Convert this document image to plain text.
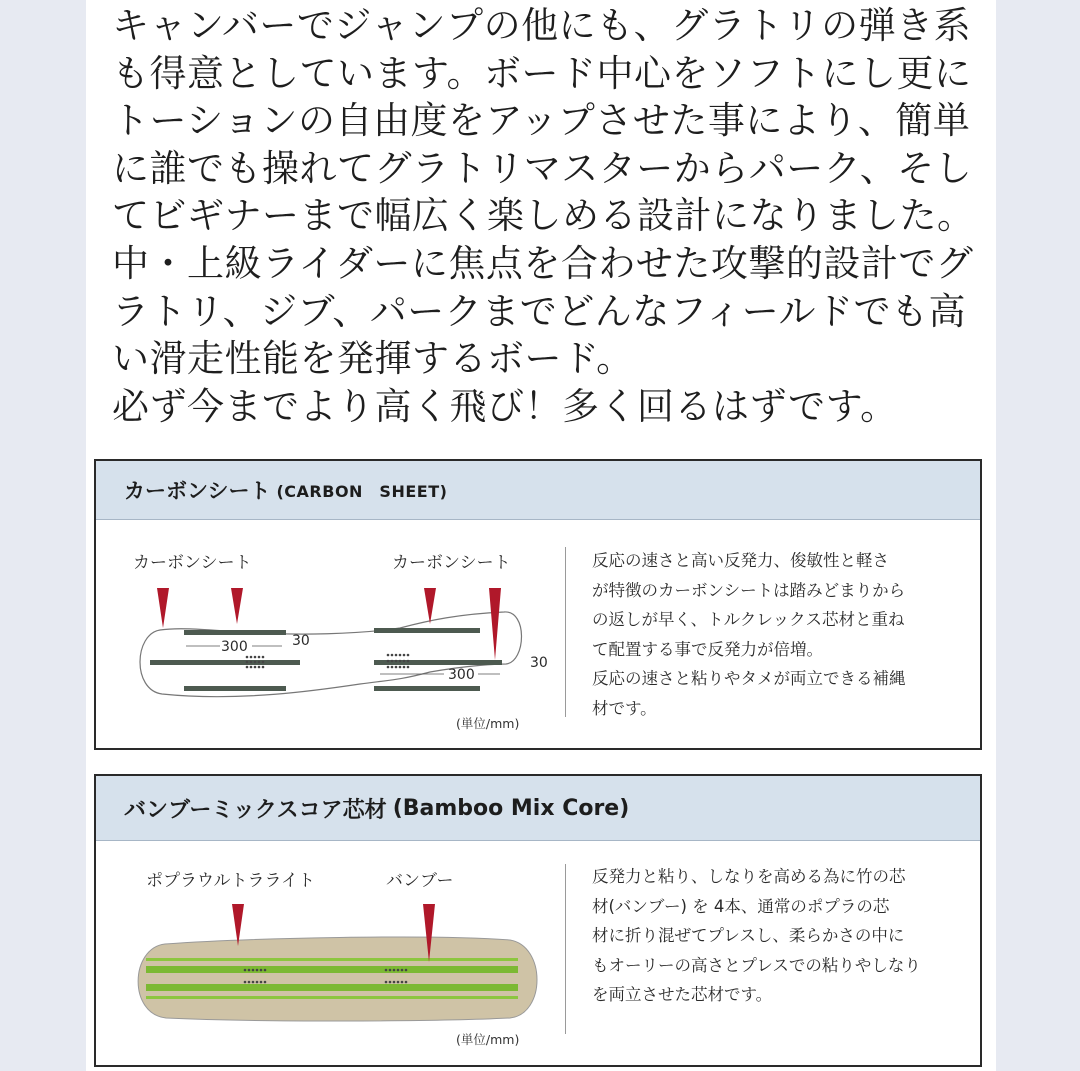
キャンバーでジャンプの他にも、グラトリの弾き系
も得意としています。ボード中心をソフトにし更に
トーションの自由度をアップさせた事により、簡単
に誰でも操れてグラトリマスターからパーク、そし
てビギナーまで幅広く楽しめる設計になりました。
中・上級ライダーに焦点を合わせた攻撃的設計でグ
ラトリ、ジブ、パークまでどんなフィールドでも高
い滑走性能を発揮するボード。
必ず今までより高く飛び！多く回るはずです。
カーボンシート (CARBON　SHEET)
カーボンシート	カーボンシート
300	30
300
30
(単位/mm)
反応の速さと高い反発力、俊敏性と軽さ
が特徴のカーボンシートは踏みどまりから
の返しが早く、トルクレックス芯材と重ね
て配置する事で反発力が倍増。
反応の速さと粘りやタメが両立できる補縄
材です。
バンブーミックスコア芯材 (Bamboo Mix Core)
ポプラウルトラライト	バンブー
(単位/mm)
反発力と粘り、しなりを高める為に竹の芯
材(バンブー) を 4本、通常のポプラの芯
材に折り混ぜてプレスし、柔らかさの中に
もオーリーの高さとプレスでの粘りやしなり
を両立させた芯材です。
